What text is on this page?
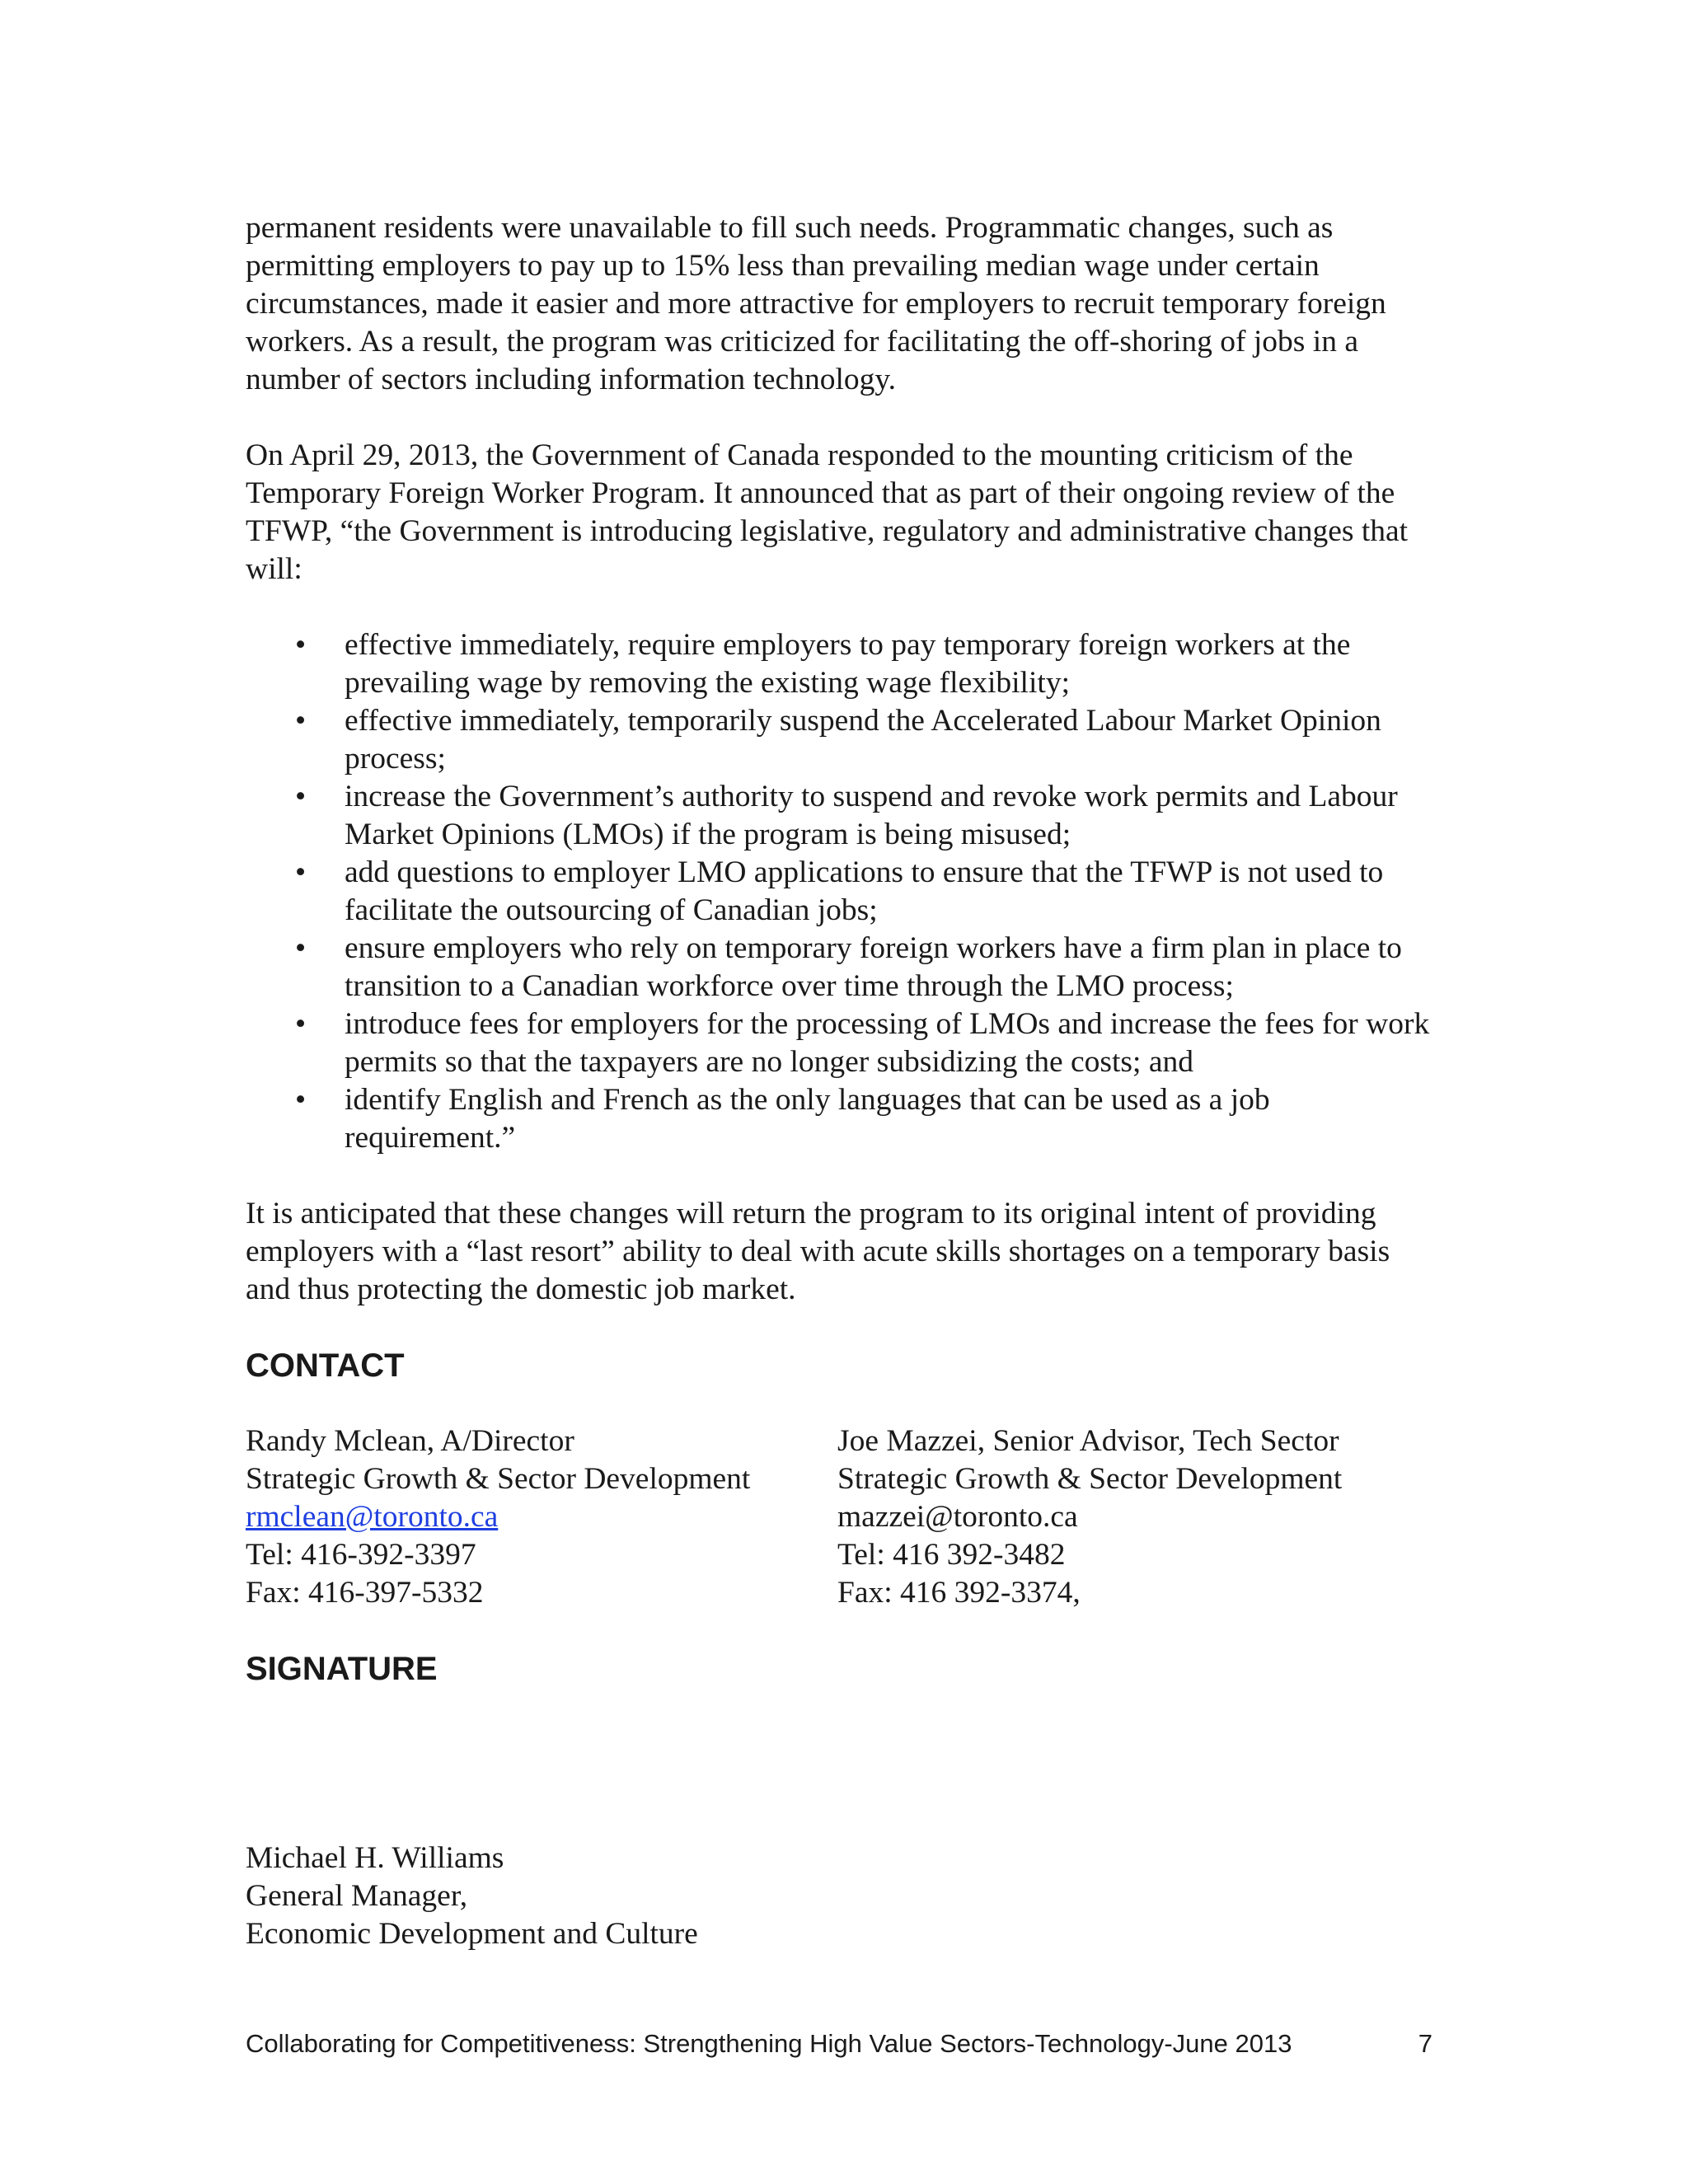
permanent residents were unavailable to fill such needs. Programmatic changes, such as permitting employers to pay up to 15% less than prevailing median wage under certain circumstances, made it easier and more attractive for employers to recruit temporary foreign workers. As a result, the program was criticized for facilitating the off-shoring of jobs in a number of sectors including information technology.

On April 29, 2013, the Government of Canada responded to the mounting criticism of the Temporary Foreign Worker Program. It announced that as part of their ongoing review of the TFWP, “the Government is introducing legislative, regulatory and administrative changes that will:

• effective immediately, require employers to pay temporary foreign workers at the prevailing wage by removing the existing wage flexibility;
• effective immediately, temporarily suspend the Accelerated Labour Market Opinion process;
• increase the Government’s authority to suspend and revoke work permits and Labour Market Opinions (LMOs) if the program is being misused;
• add questions to employer LMO applications to ensure that the TFWP is not used to facilitate the outsourcing of Canadian jobs;
• ensure employers who rely on temporary foreign workers have a firm plan in place to transition to a Canadian workforce over time through the LMO process;
• introduce fees for employers for the processing of LMOs and increase the fees for work permits so that the taxpayers are no longer subsidizing the costs; and
• identify English and French as the only languages that can be used as a job requirement.”

It is anticipated that these changes will return the program to its original intent of providing employers with a “last resort” ability to deal with acute skills shortages on a temporary basis and thus protecting the domestic job market.

CONTACT
Randy Mclean, A/Director
Strategic Growth & Sector Development
rmclean@toronto.ca
Tel: 416-392-3397
Fax: 416-397-5332
Joe Mazzei, Senior Advisor, Tech Sector
Strategic Growth & Sector Development
mazzei@toronto.ca
Tel: 416 392-3482
Fax: 416 392-3374,
SIGNATURE
Michael H. Williams
General Manager,
Economic Development and Culture
Collaborating for Competitiveness: Strengthening High Value Sectors-Technology-June 2013	7
